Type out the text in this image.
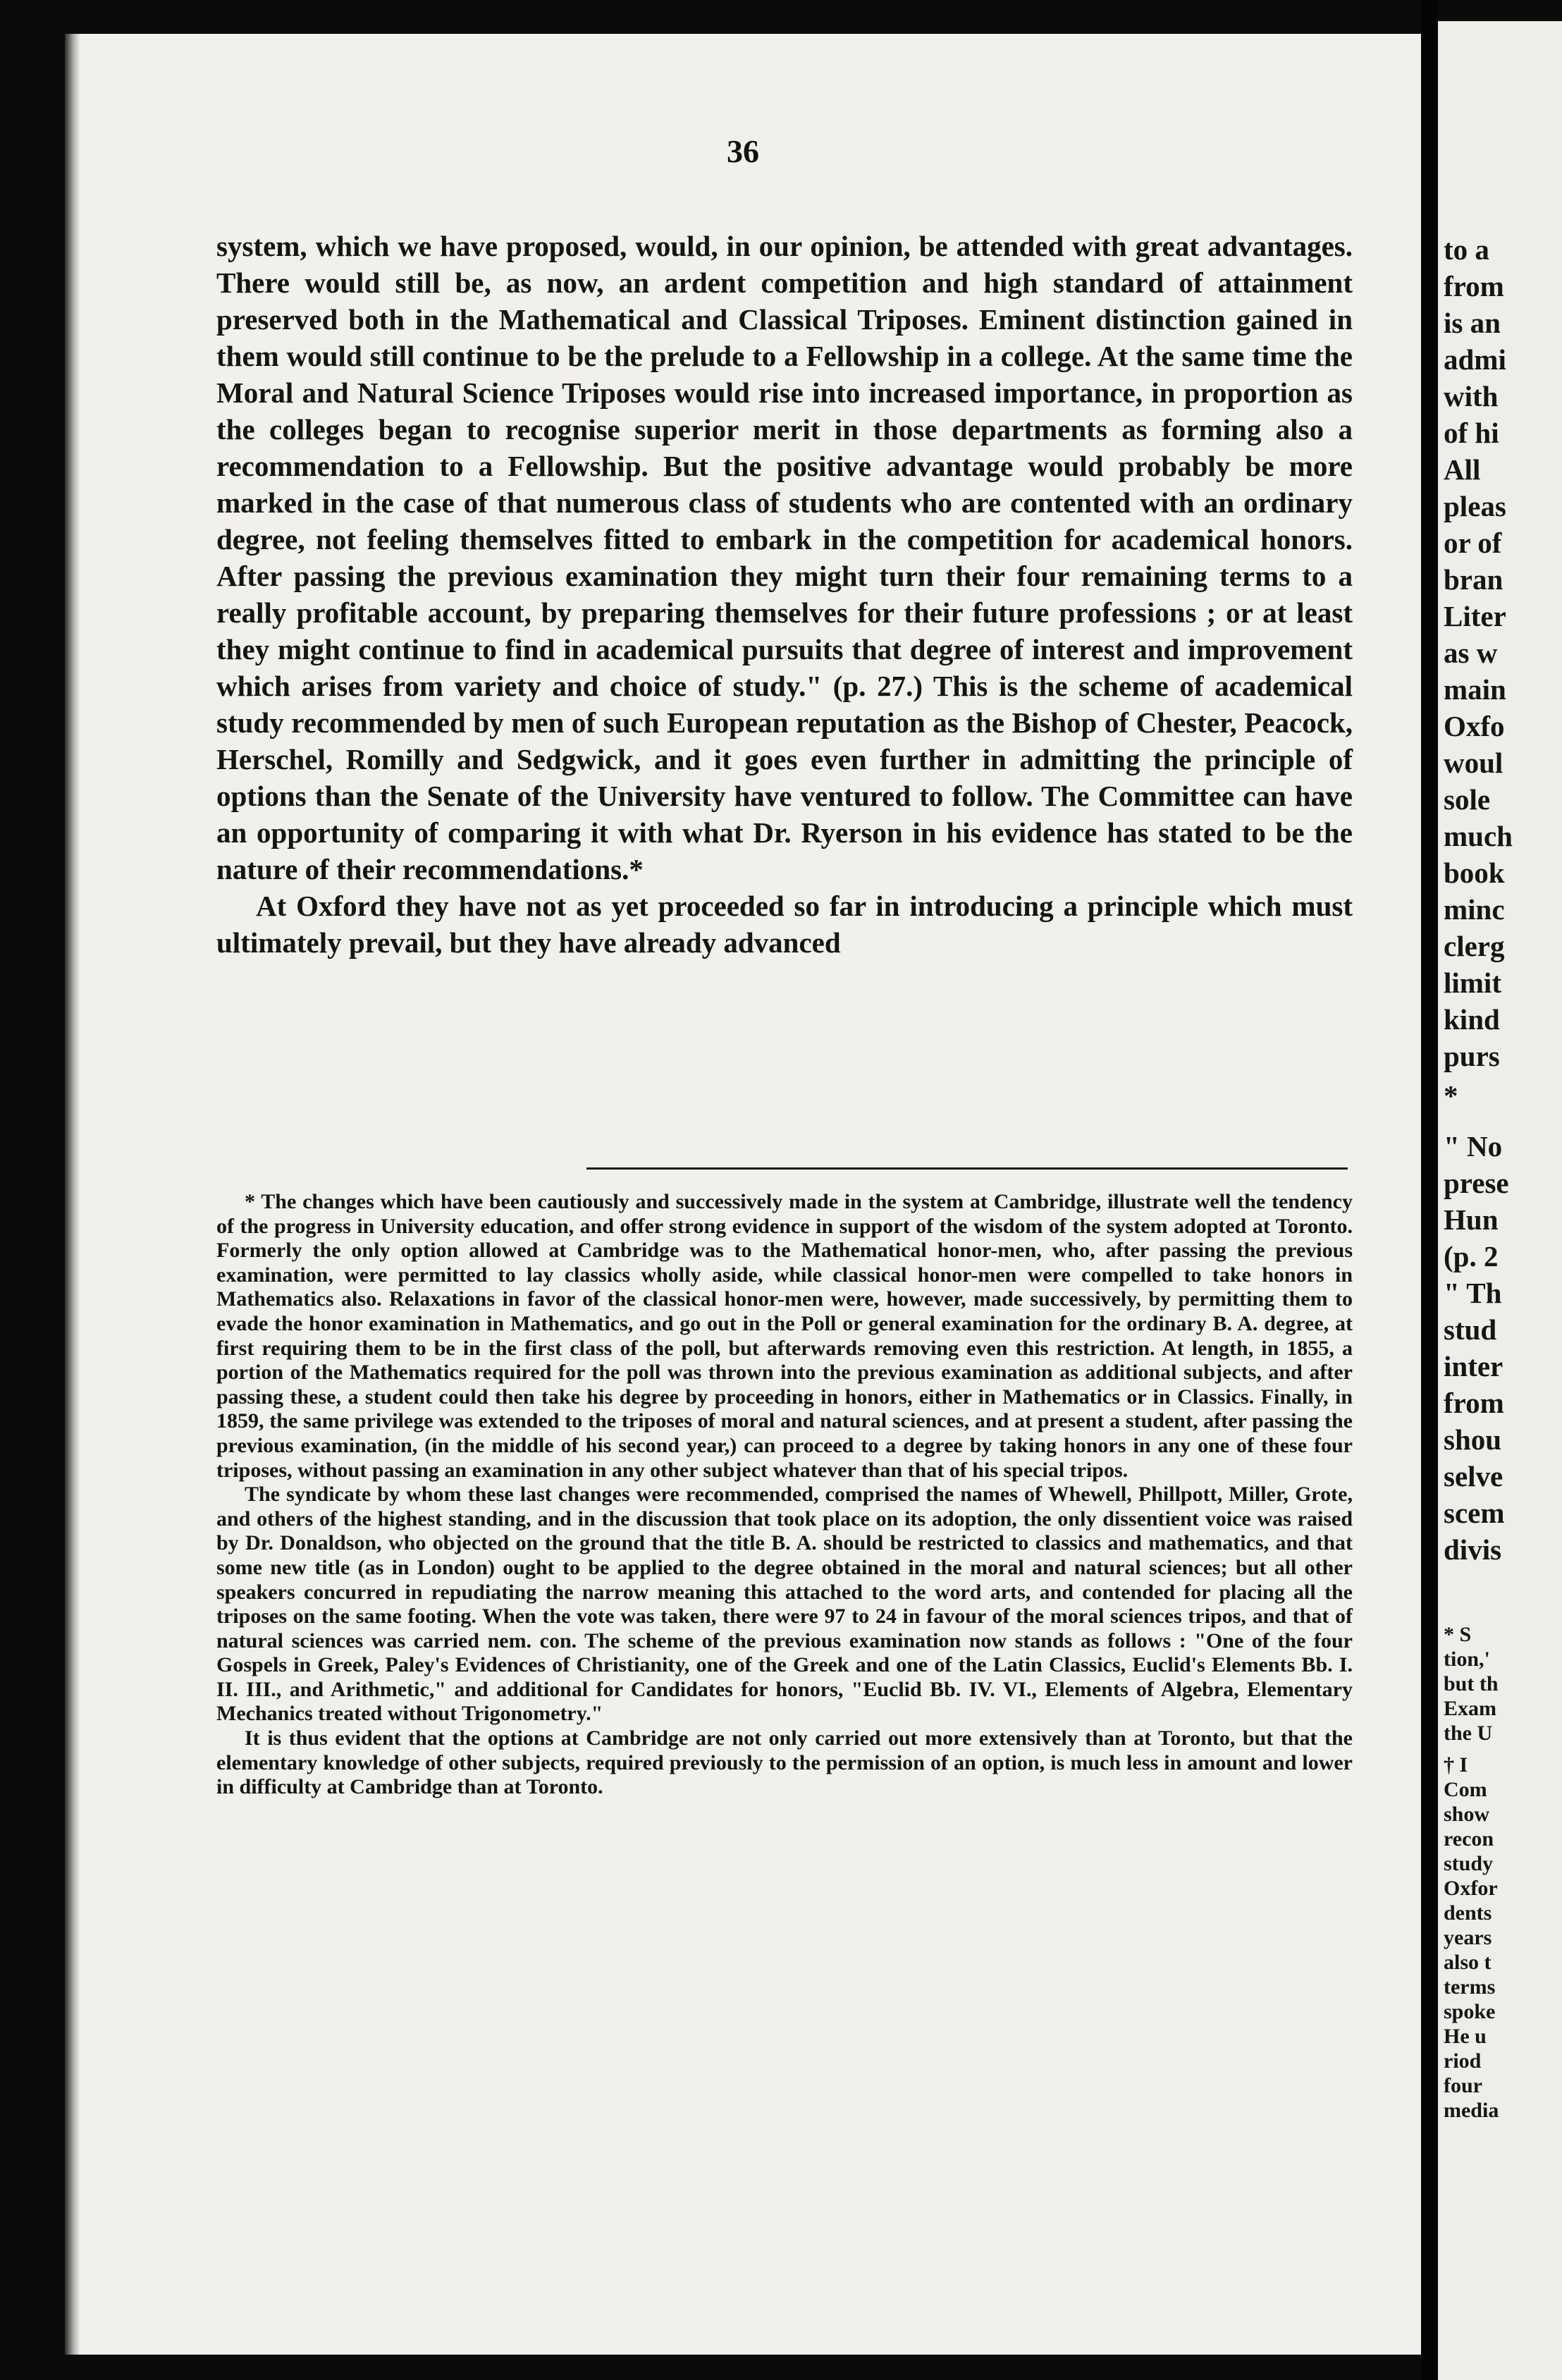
36

system, which we have proposed, would, in our opinion, be attended with great advantages. There would still be, as now, an ardent competition and high standard of attainment preserved both in the Mathematical and Classical Triposes. Eminent distinction gained in them would still continue to be the prelude to a Fellowship in a college. At the same time the Moral and Natural Science Triposes would rise into increased importance, in proportion as the colleges began to recognise superior merit in those departments as forming also a recommendation to a Fellowship. But the positive advantage would probably be more marked in the case of that numerous class of students who are contented with an ordinary degree, not feeling themselves fitted to embark in the competition for academical honors. After passing the previous examination they might turn their four remaining terms to a really profitable account, by preparing themselves for their future professions ; or at least they might continue to find in academical pursuits that degree of interest and improvement which arises from variety and choice of study." (p. 27.) This is the scheme of academical study recommended by men of such European reputation as the Bishop of Chester, Peacock, Herschel, Romilly and Sedgwick, and it goes even further in admitting the principle of options than the Senate of the University have ventured to follow. The Committee can have an opportunity of comparing it with what Dr. Ryerson in his evidence has stated to be the nature of their recommendations.*

At Oxford they have not as yet proceeded so far in introducing a principle which must ultimately prevail, but they have already advanced

* The changes which have been cautiously and successively made in the system at Cambridge, illustrate well the tendency of the progress in University education, and offer strong evidence in support of the wisdom of the system adopted at Toronto. Formerly the only option allowed at Cambridge was to the Mathematical honor-men, who, after passing the previous examination, were permitted to lay classics wholly aside, while classical honor-men were compelled to take honors in Mathematics also. Relaxations in favor of the classical honor-men were, however, made successively, by permitting them to evade the honor examination in Mathematics, and go out in the Poll or general examination for the ordinary B. A. degree, at first requiring them to be in the first class of the poll, but afterwards removing even this restriction. At length, in 1855, a portion of the Mathematics required for the poll was thrown into the previous examination as additional subjects, and after passing these, a student could then take his degree by proceeding in honors, either in Mathematics or in Classics. Finally, in 1859, the same privilege was extended to the triposes of moral and natural sciences, and at present a student, after passing the previous examination, (in the middle of his second year,) can proceed to a degree by taking honors in any one of these four triposes, without passing an examination in any other subject whatever than that of his special tripos.

The syndicate by whom these last changes were recommended, comprised the names of Whewell, Phillpott, Miller, Grote, and others of the highest standing, and in the discussion that took place on its adoption, the only dissentient voice was raised by Dr. Donaldson, who objected on the ground that the title B. A. should be restricted to classics and mathematics, and that some new title (as in London) ought to be applied to the degree obtained in the moral and natural sciences; but all other speakers concurred in repudiating the narrow meaning this attached to the word arts, and contended for placing all the triposes on the same footing. When the vote was taken, there were 97 to 24 in favour of the moral sciences tripos, and that of natural sciences was carried nem. con. The scheme of the previous examination now stands as follows : "One of the four Gospels in Greek, Paley's Evidences of Christianity, one of the Greek and one of the Latin Classics, Euclid's Elements Bb. I. II. III., and Arithmetic," and additional for Candidates for honors, "Euclid Bb. IV. VI., Elements of Algebra, Elementary Mechanics treated without Trigonometry."

It is thus evident that the options at Cambridge are not only carried out more extensively than at Toronto, but that the elementary knowledge of other subjects, required previously to the permission of an option, is much less in amount and lower in difficulty at Cambridge than at Toronto.

to a
from
is an
admi
with
of hi
All
pleas
or of
bran
Liter
as w
main
Oxfo
woul
sole
much
book
minc
clerg
limit
kind
purs
*
" No
prese
Hun
(p. 2
" Th
stud
inter
from
shou
selve
scem
divis
* S
tion,'
but th
Exam
the U
† I
Com
show
recon
study
Oxfor
dents
years
also t
terms
spoke
He u
riod
four
media
